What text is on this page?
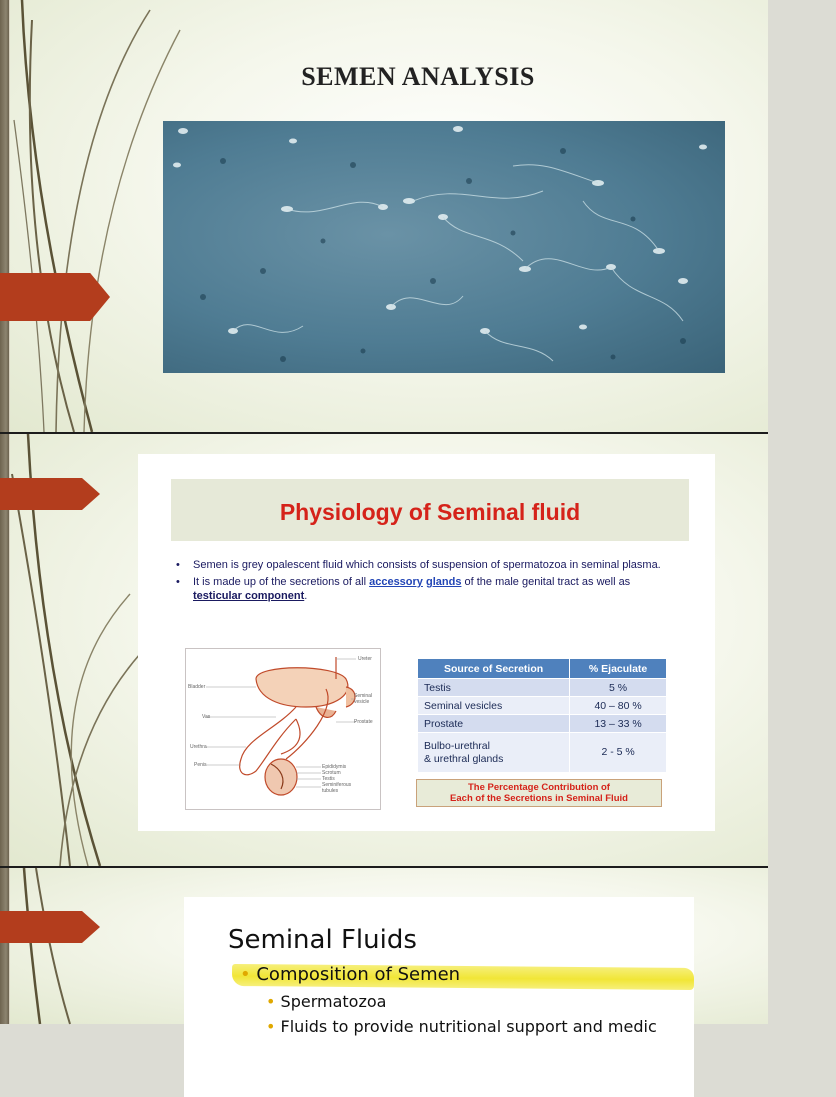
SEMEN ANALYSIS
Physiology of Seminal fluid
• Semen is grey opalescent fluid which consists of suspension of spermatozoa in seminal plasma.
• It is made up of the secretions of all accessory glands of the male genital tract as well as testicular component.
Bladder
Ureter
Seminal vesicle
Vas
Prostate
Urethra
Penis	Epididymis
Scrotum
Testis
Seminiferous tubules
Source of Secretion	% Ejaculate
Testis	5 %
Seminal vesicles	40 – 80 %
Prostate	13 – 33 %
Bulbo-urethral
& urethral glands	2 - 5 %
The Percentage Contribution of
Each of the Secretions in Seminal Fluid
Seminal Fluids
• Composition of Semen
• Spermatozoa
• Fluids to provide nutritional support and medic
